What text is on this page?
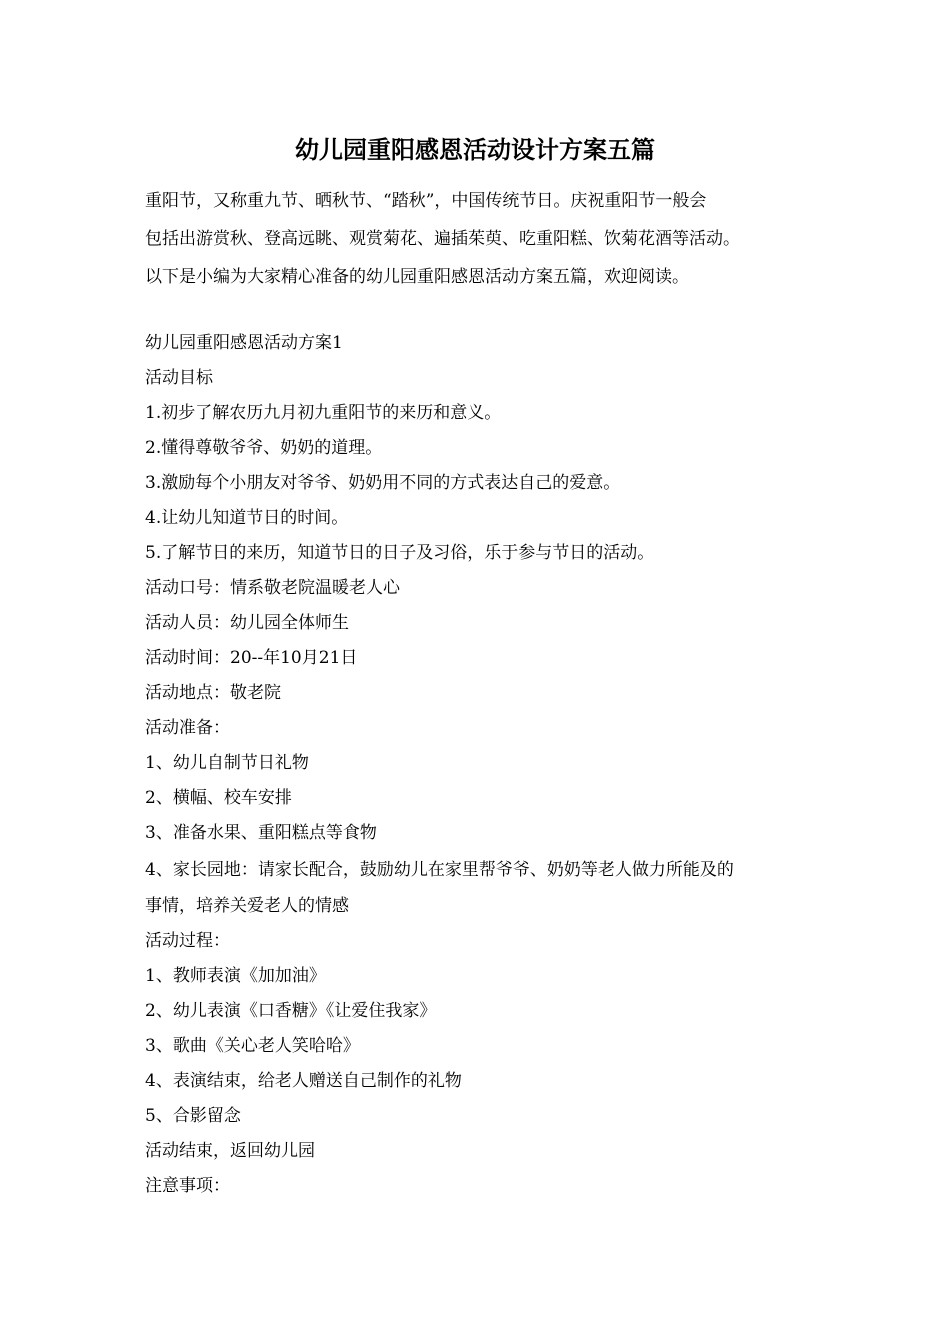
幼儿园重阳感恩活动设计方案五篇

重阳节，又称重九节、晒秋节、“踏秋”，中国传统节日。庆祝重阳节一般会

包括出游赏秋、登高远眺、观赏菊花、遍插茱萸、吃重阳糕、饮菊花酒等活动。

以下是小编为大家精心准备的幼儿园重阳感恩活动方案五篇，欢迎阅读。

幼儿园重阳感恩活动方案1

活动目标

1.初步了解农历九月初九重阳节的来历和意义。

2.懂得尊敬爷爷、奶奶的道理。

3.激励每个小朋友对爷爷、奶奶用不同的方式表达自己的爱意。

4.让幼儿知道节日的时间。

5.了解节日的来历，知道节日的日子及习俗，乐于参与节日的活动。

活动口号：情系敬老院温暖老人心

活动人员：幼儿园全体师生

活动时间：20--年10月21日

活动地点：敬老院

活动准备：

1、幼儿自制节日礼物

2、横幅、校车安排

3、准备水果、重阳糕点等食物

4、家长园地：请家长配合，鼓励幼儿在家里帮爷爷、奶奶等老人做力所能及的

事情，培养关爱老人的情感

活动过程：

1、教师表演《加加油》

2、幼儿表演《口香糖》《让爱住我家》

3、歌曲《关心老人笑哈哈》

4、表演结束，给老人赠送自己制作的礼物

5、合影留念

活动结束，返回幼儿园

注意事项：
